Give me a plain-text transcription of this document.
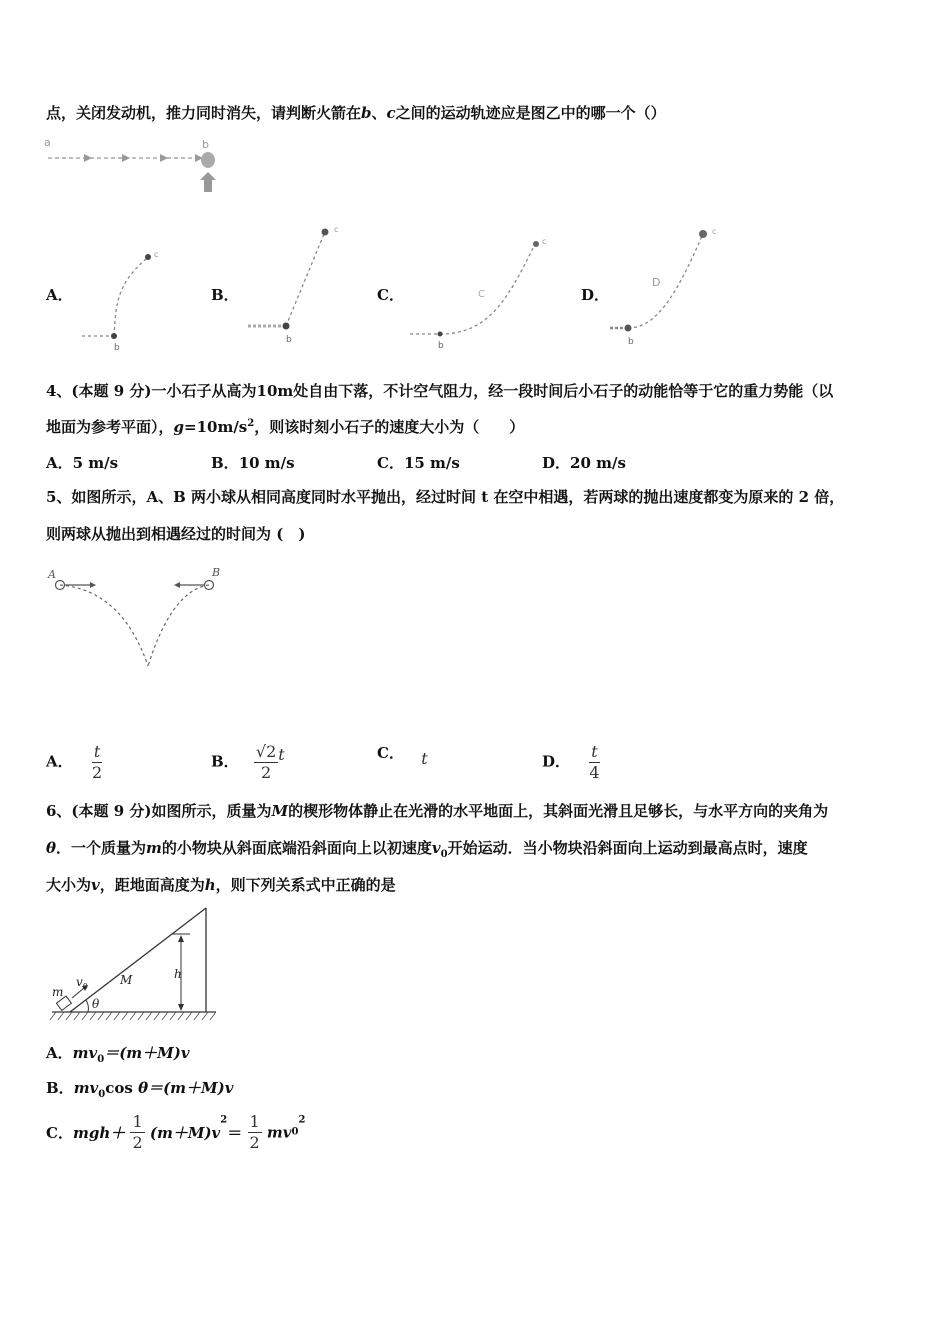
点，关闭发动机，推力同时消失，请判断火箭在b、c之间的运动轨迹应是图乙中的哪一个（）
a	b
A．
b
c
B．
b
c
C．	C
b
c
D．
D
b
c
4、(本题 9 分)一小石子从高为10m处自由下落，不计空气阻力，经一段时间后小石子的动能恰等于它的重力势能（以
地面为参考平面），$g=10m/s^2$，则该时刻小石子的速度大小为（　　）
A．5 m/s	B．10 m/s	C．15 m/s	D．20 m/s
5、如图所示，A、B 两小球从相同高度同时水平抛出，经过时间 t 在空中相遇，若两球的抛出速度都变为原来的 2 倍，
则两球从抛出到相遇经过的时间为 (　)
A	B
A． $\frac{t}{2}$	B． $\frac{√2}{2}$ t	C． t	D． $\frac{t}{4}$
6、(本题 9 分)如图所示，质量为M的楔形物体静止在光滑的水平地面上，其斜面光滑且足够长，与水平方向的夹角为
θ．一个质量为m的小物块从斜面底端沿斜面向上以初速度$v_0$开始运动．当小物块沿斜面向上运动到最高点时，速度
大小为v，距地面高度为h，则下列关系式中正确的是
m
$v_0$	M
θ
h
A．$mv_0=(m+M)v$
B．$mv_0\cos$ θ＝(m＋M)v
C．$mgh+ \frac{1}{2} (m+M)v^2= \frac{1}{2} mv_0^2$
